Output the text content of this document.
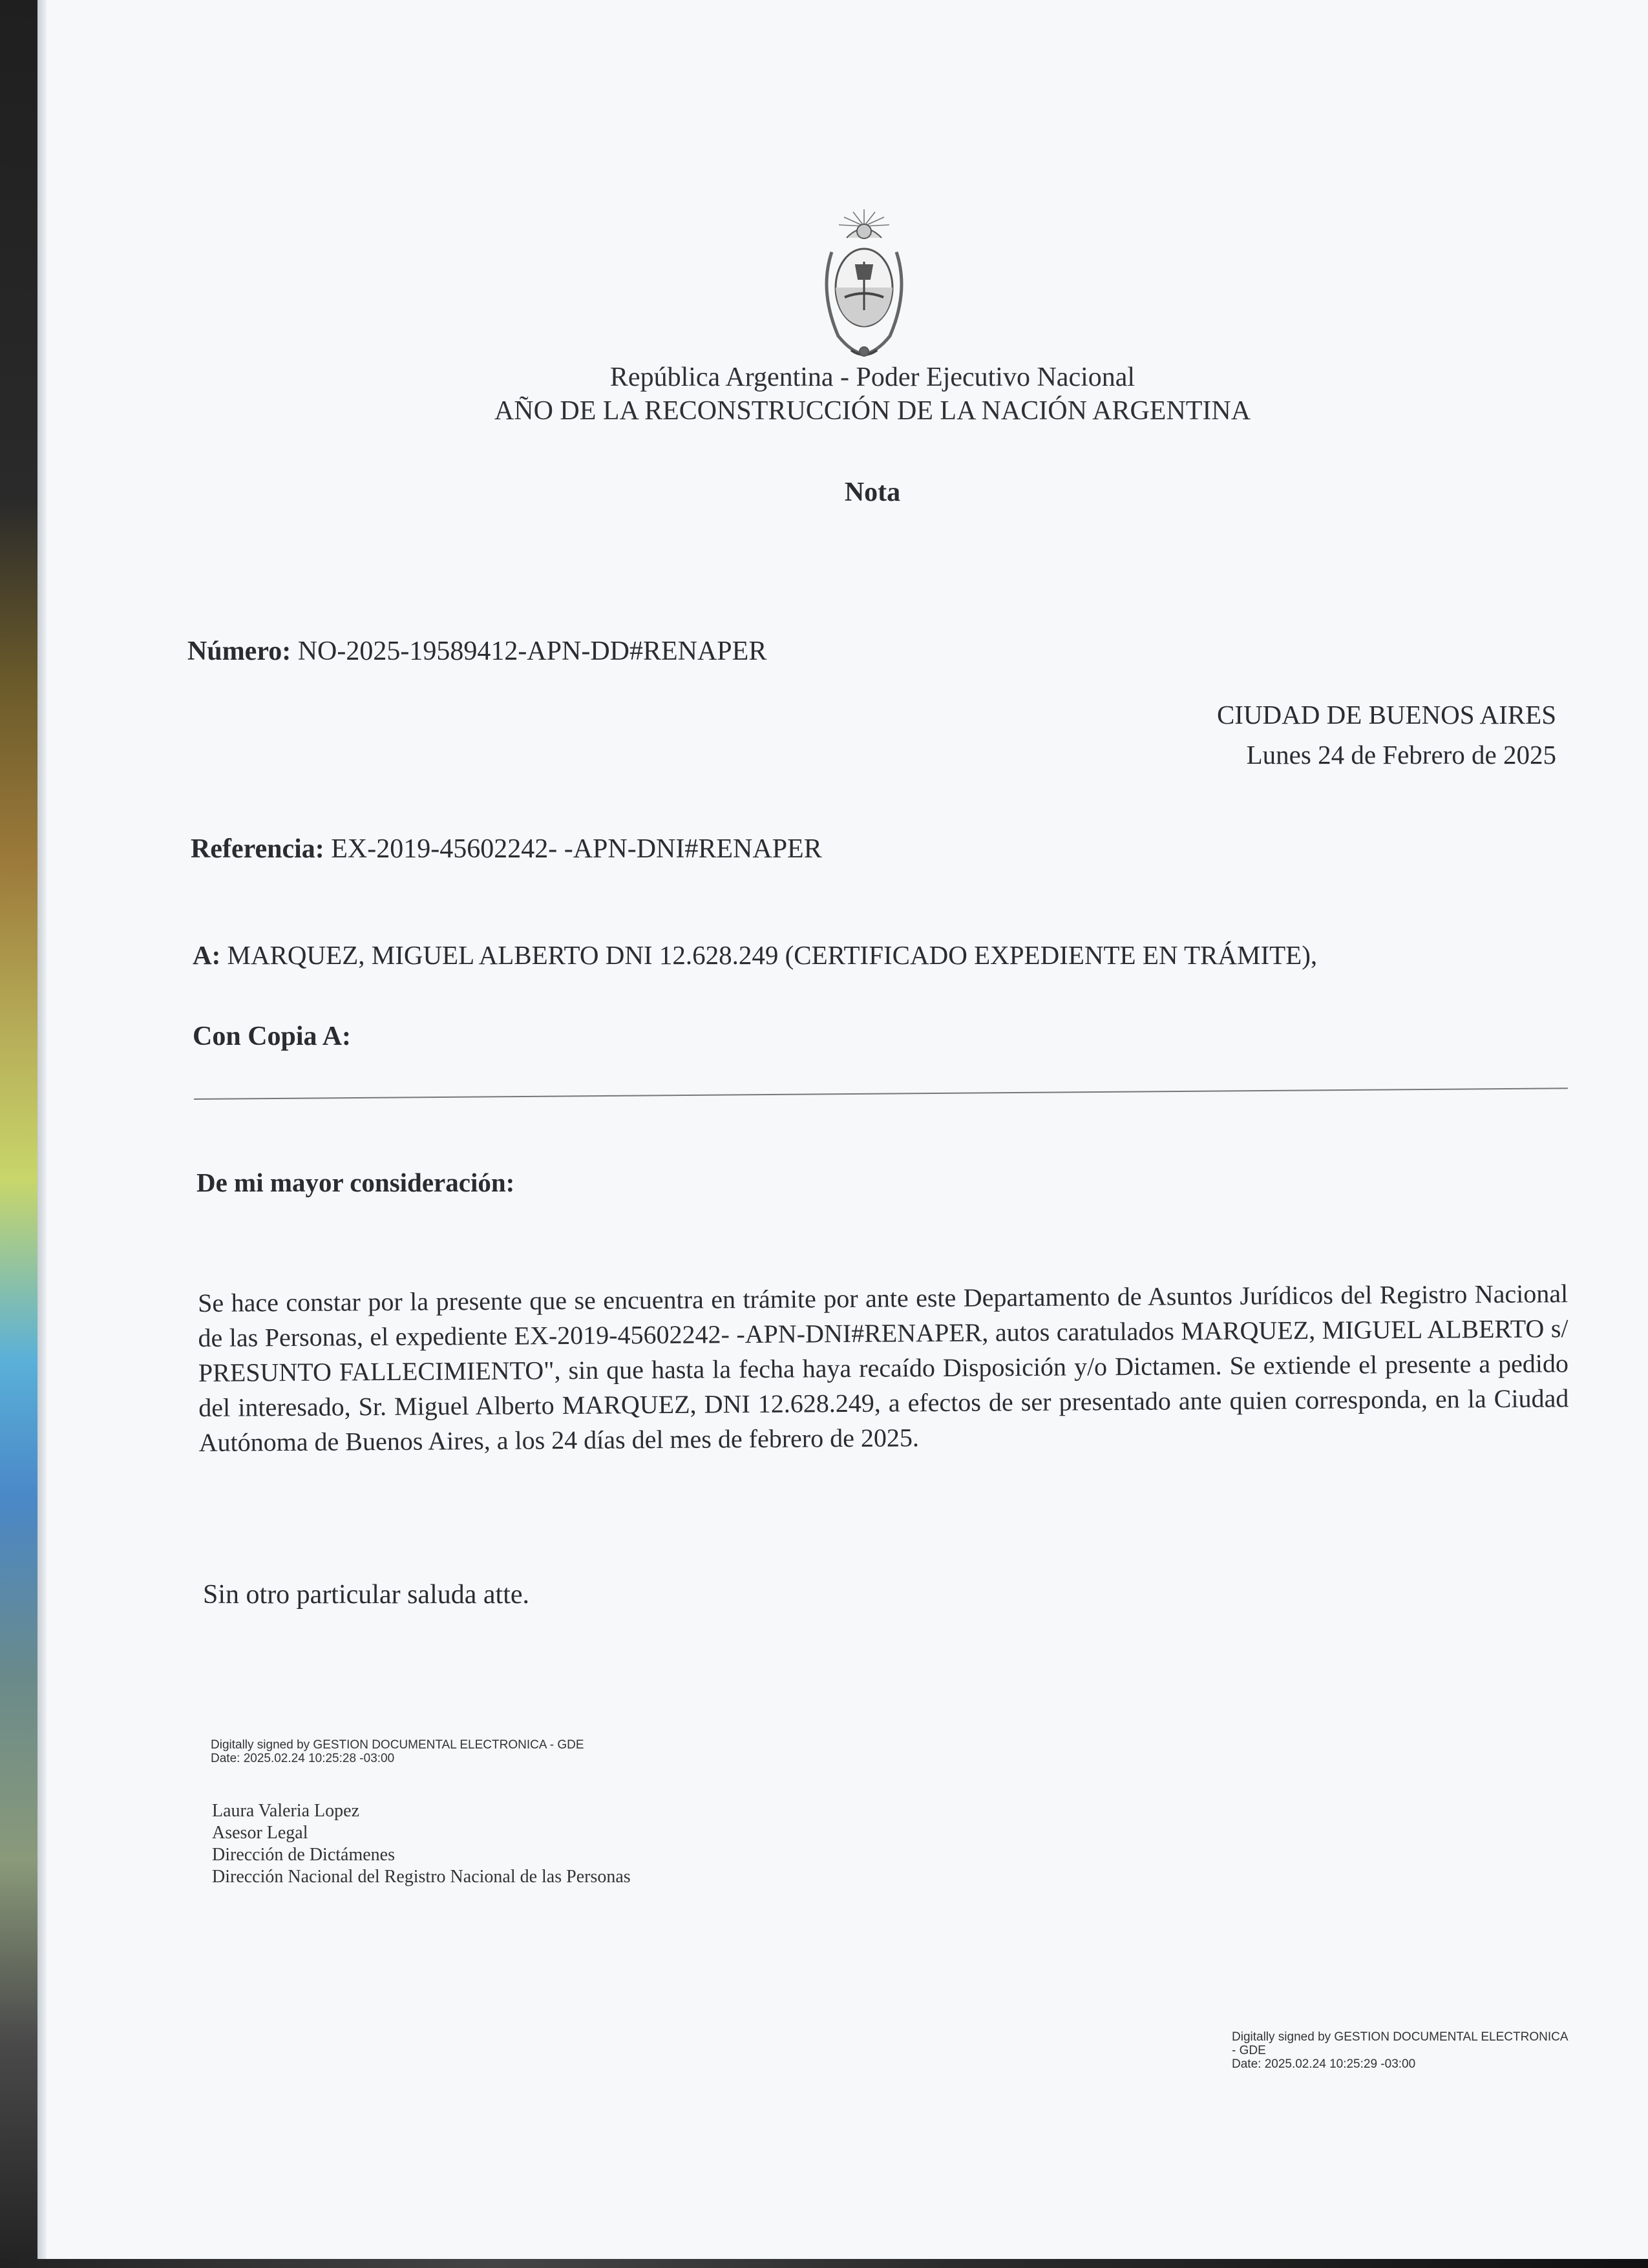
República Argentina - Poder Ejecutivo Nacional
AÑO DE LA RECONSTRUCCIÓN DE LA NACIÓN ARGENTINA
Nota
Número: NO-2025-19589412-APN-DD#RENAPER
CIUDAD DE BUENOS AIRES
Lunes 24 de Febrero de 2025
Referencia: EX-2019-45602242- -APN-DNI#RENAPER
A: MARQUEZ, MIGUEL ALBERTO DNI 12.628.249 (CERTIFICADO EXPEDIENTE EN TRÁMITE),
Con Copia A:
De mi mayor consideración:
Se hace constar por la presente que se encuentra en trámite por ante este Departamento de Asuntos Jurídicos del Registro Nacional de las Personas, el expediente EX-2019-45602242- -APN-DNI#RENAPER, autos caratulados MARQUEZ, MIGUEL ALBERTO s/ PRESUNTO FALLECIMIENTO", sin que hasta la fecha haya recaído Disposición y/o Dictamen. Se extiende el presente a pedido del interesado, Sr. Miguel Alberto MARQUEZ, DNI 12.628.249, a efectos de ser presentado ante quien corresponda, en la Ciudad Autónoma de Buenos Aires, a los 24 días del mes de febrero de 2025.
Sin otro particular saluda atte.
Digitally signed by GESTION DOCUMENTAL ELECTRONICA - GDE
Date: 2025.02.24 10:25:28 -03:00
Laura Valeria Lopez
Asesor Legal
Dirección de Dictámenes
Dirección Nacional del Registro Nacional de las Personas
Digitally signed by GESTION DOCUMENTAL ELECTRONICA - GDE
Date: 2025.02.24 10:25:29 -03:00
